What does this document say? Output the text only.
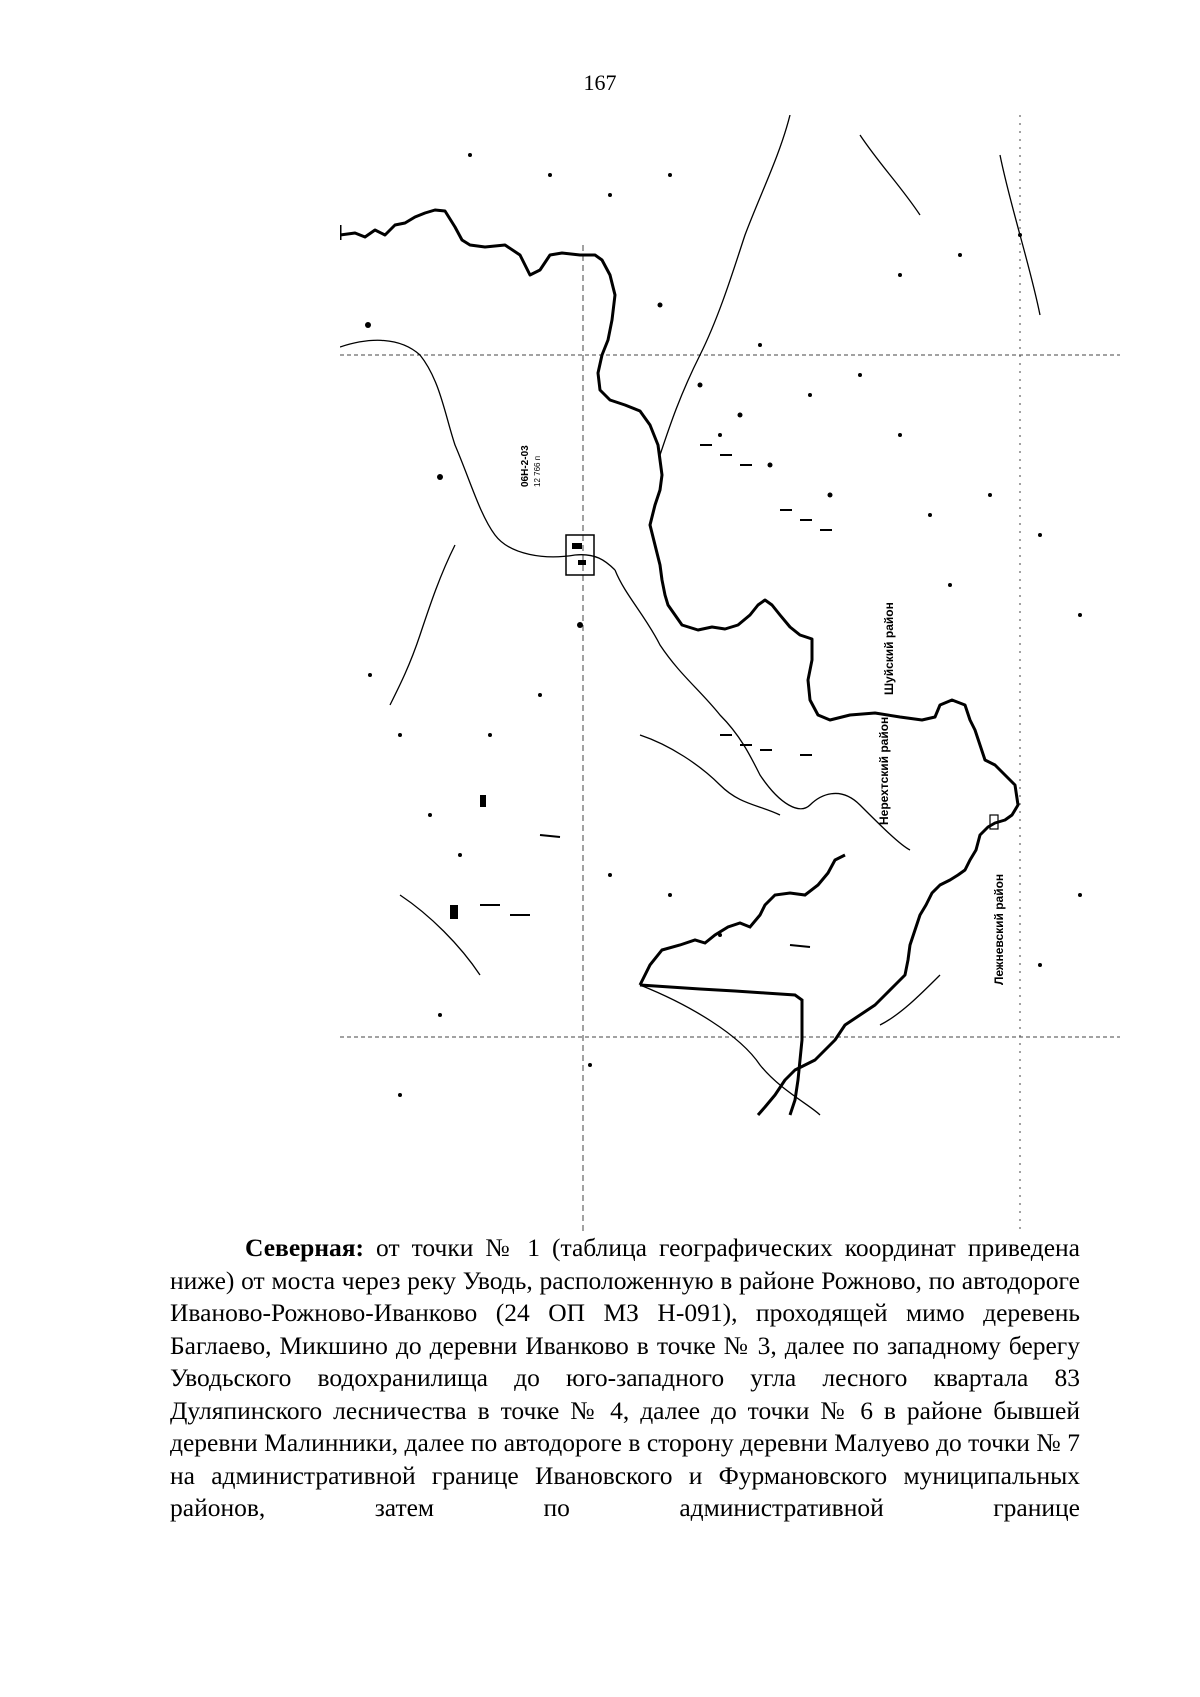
167
06Н-2-03 12 766 п
Шуйский район
Нерехтский район
Лежневский район

Северная: от точки № 1 (таблица географических координат приведена ниже) от моста через реку Уводь, расположенную в районе Рожново, по автодороге Иваново-Рожново-Иванково (24 ОП МЗ Н-091), проходящей мимо деревень Баглаево, Микшино до деревни Иванково в точке № 3, далее по западному берегу Уводьского водохранилища до юго-западного угла лесного квартала 83 Дуляпинского лесничества в точке № 4, далее до точки № 6 в районе бывшей деревни Малинники, далее по автодороге в сторону деревни Малуево до точки № 7 на административной границе Ивановского и Фурмановского муниципальных районов, затем по административной границе
